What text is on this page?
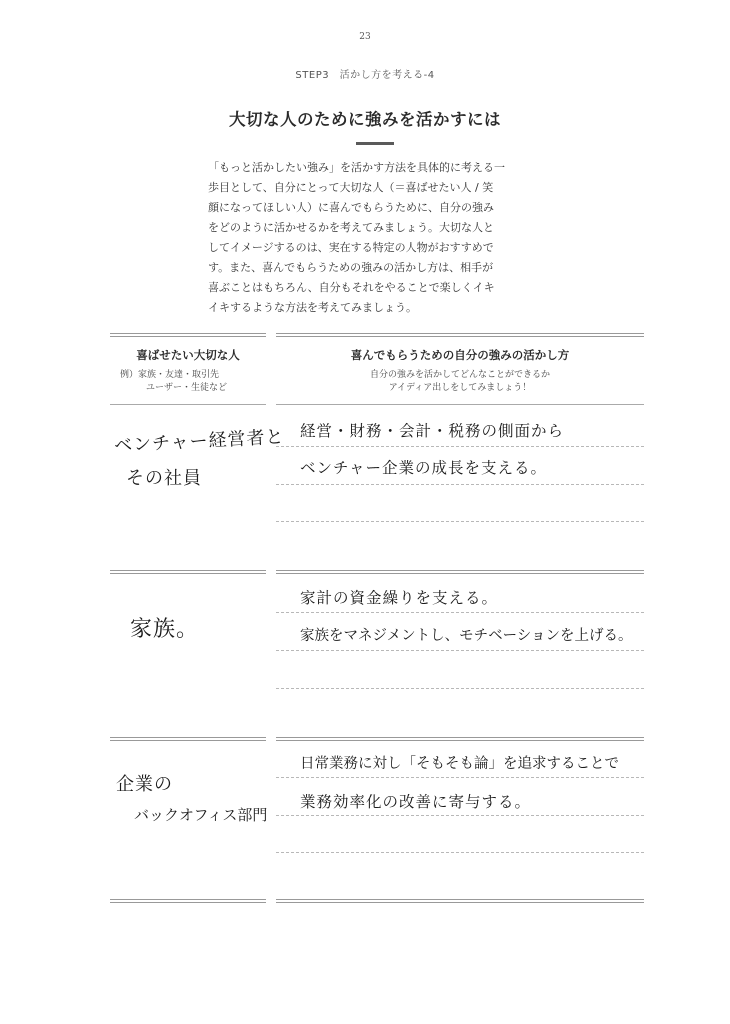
23
STEP3　活かし方を考える-4
大切な人のために強みを活かすには

「もっと活かしたい強み」を活かす方法を具体的に考える一

歩目として、自分にとって大切な人（＝喜ばせたい人 / 笑

顔になってほしい人）に喜んでもらうために、自分の強み

をどのように活かせるかを考えてみましょう。大切な人と

してイメージするのは、実在する特定の人物がおすすめで

す。また、喜んでもらうための強みの活かし方は、相手が

喜ぶことはもちろん、自分もそれをやることで楽しくイキ

イキするような方法を考えてみましょう。

喜ばせたい大切な人
例）家族・友達・取引先
ユーザー・生徒など
喜んでもらうための自分の強みの活かし方
自分の強みを活かしてどんなことができるか
アイディア出しをしてみましょう！
ベンチャー経営者と
その社員
経営・財務・会計・税務の側面から
ベンチャー企業の成長を支える。
家族。
家計の資金繰りを支える。
家族をマネジメントし、モチベーションを上げる。
企業の
バックオフィス部門
日常業務に対し「そもそも論」を追求することで
業務効率化の改善に寄与する。
